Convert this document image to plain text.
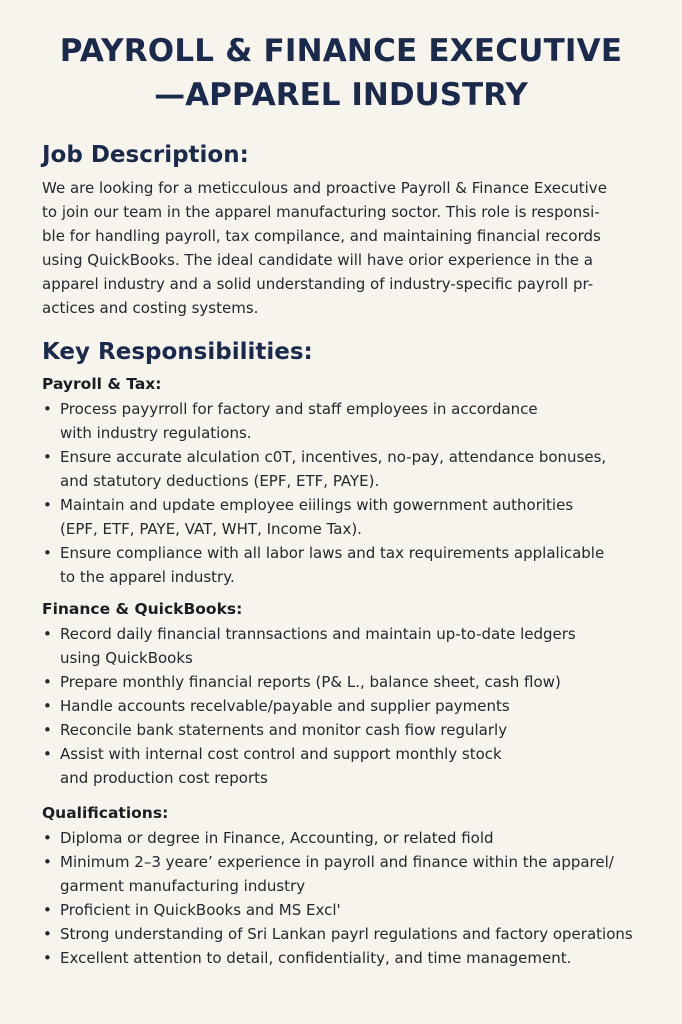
PAYROLL & FINANCE EXECUTIVE
—APPAREL INDUSTRY
Job Description:
We are looking for a meticculous and proactive Payroll & Finance Executive
to join our team in the apparel manufacturing soctor. This role is responsi-
ble for handling payroll, tax compilance, and maintaining financial records
using QuickBooks. The ideal candidate will have orior experience in the a
apparel industry and a solid understanding of industry-specific payroll pr-
actices and costing systems.
Key Responsibilities:
Payroll & Tax:
• Process payyrroll for factory and staff employees in accordance
with industry regulations.
• Ensure accurate alculation c0T, incentives, no-pay, attendance bonuses,
and statutory deductions (EPF, ETF, PAYE).
• Maintain and update employee eiilings with gowernment authorities
(EPF, ETF, PAYE, VAT, WHT, Income Tax).
• Ensure compliance with all labor laws and tax requirements applalicable
to the apparel industry.
Finance & QuickBooks:
• Record daily financial trannsactions and maintain up-to-date ledgers
using QuickBooks
• Prepare monthly financial reports (P& L., balance sheet, cash flow)
• Handle accounts recelvable/payable and supplier payments
• Reconcile bank staternents and monitor cash fiow regularly
• Assist with internal cost control and support monthly stock
and production cost reports
Qualifications:
• Diploma or degree in Finance, Accounting, or related fiold
• Minimum 2–3 yeare’ experience in payroll and finance within the apparel/
garment manufacturing industry
• Proficient in QuickBooks and MS Excl'
• Strong understanding of Sri Lankan payrl regulations and factory operations
• Excellent attention to detail, confidentiality, and time management.
